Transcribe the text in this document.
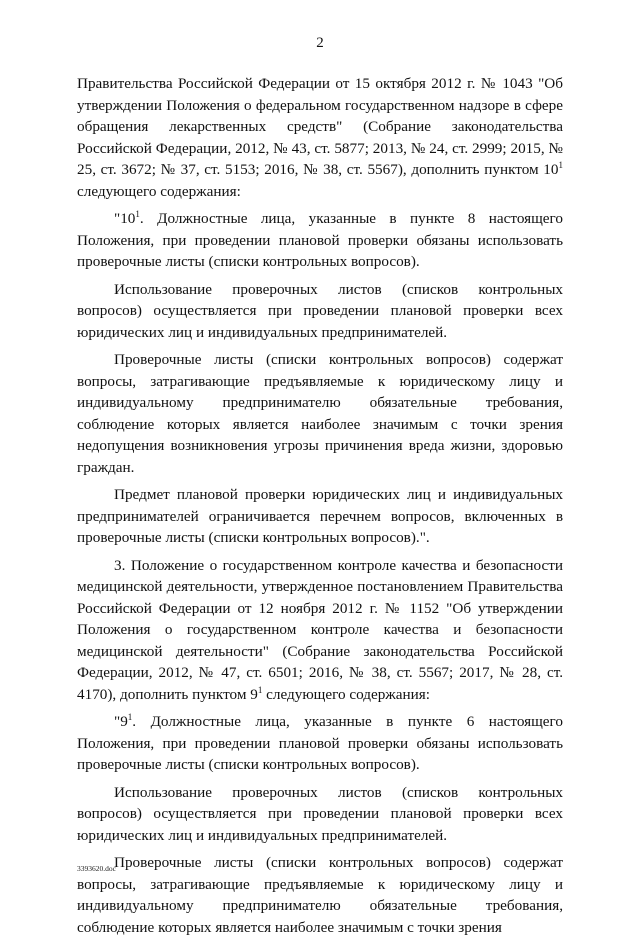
2

Правительства Российской Федерации от 15 октября 2012 г. № 1043 "Об утверждении Положения о федеральном государственном надзоре в сфере обращения лекарственных средств" (Собрание законодательства Российской Федерации, 2012, № 43, ст. 5877; 2013, № 24, ст. 2999; 2015, № 25, ст. 3672; № 37, ст. 5153; 2016, № 38, ст. 5567), дополнить пунктом $10^1$ следующего содержания:

"$10^1$. Должностные лица, указанные в пункте 8 настоящего Положения, при проведении плановой проверки обязаны использовать проверочные листы (списки контрольных вопросов).

Использование проверочных листов (списков контрольных вопросов) осуществляется при проведении плановой проверки всех юридических лиц и индивидуальных предпринимателей.

Проверочные листы (списки контрольных вопросов) содержат вопросы, затрагивающие предъявляемые к юридическому лицу и индивидуальному предпринимателю обязательные требования, соблюдение которых является наиболее значимым с точки зрения недопущения возникновения угрозы причинения вреда жизни, здоровью граждан.

Предмет плановой проверки юридических лиц и индивидуальных предпринимателей ограничивается перечнем вопросов, включенных в проверочные листы (списки контрольных вопросов).".

3. Положение о государственном контроле качества и безопасности медицинской деятельности, утвержденное постановлением Правительства Российской Федерации от 12 ноября 2012 г. № 1152 "Об утверждении Положения о государственном контроле качества и безопасности медицинской деятельности" (Собрание законодательства Российской Федерации, 2012, № 47, ст. 6501; 2016, № 38, ст. 5567; 2017, № 28, ст. 4170), дополнить пунктом $9^1$ следующего содержания:

"$9^1$. Должностные лица, указанные в пункте 6 настоящего Положения, при проведении плановой проверки обязаны использовать проверочные листы (списки контрольных вопросов).

Использование проверочных листов (списков контрольных вопросов) осуществляется при проведении плановой проверки всех юридических лиц и индивидуальных предпринимателей.

Проверочные листы (списки контрольных вопросов) содержат вопросы, затрагивающие предъявляемые к юридическому лицу и индивидуальному предпринимателю обязательные требования, соблюдение которых является наиболее значимым с точки зрения

3393620.doc
